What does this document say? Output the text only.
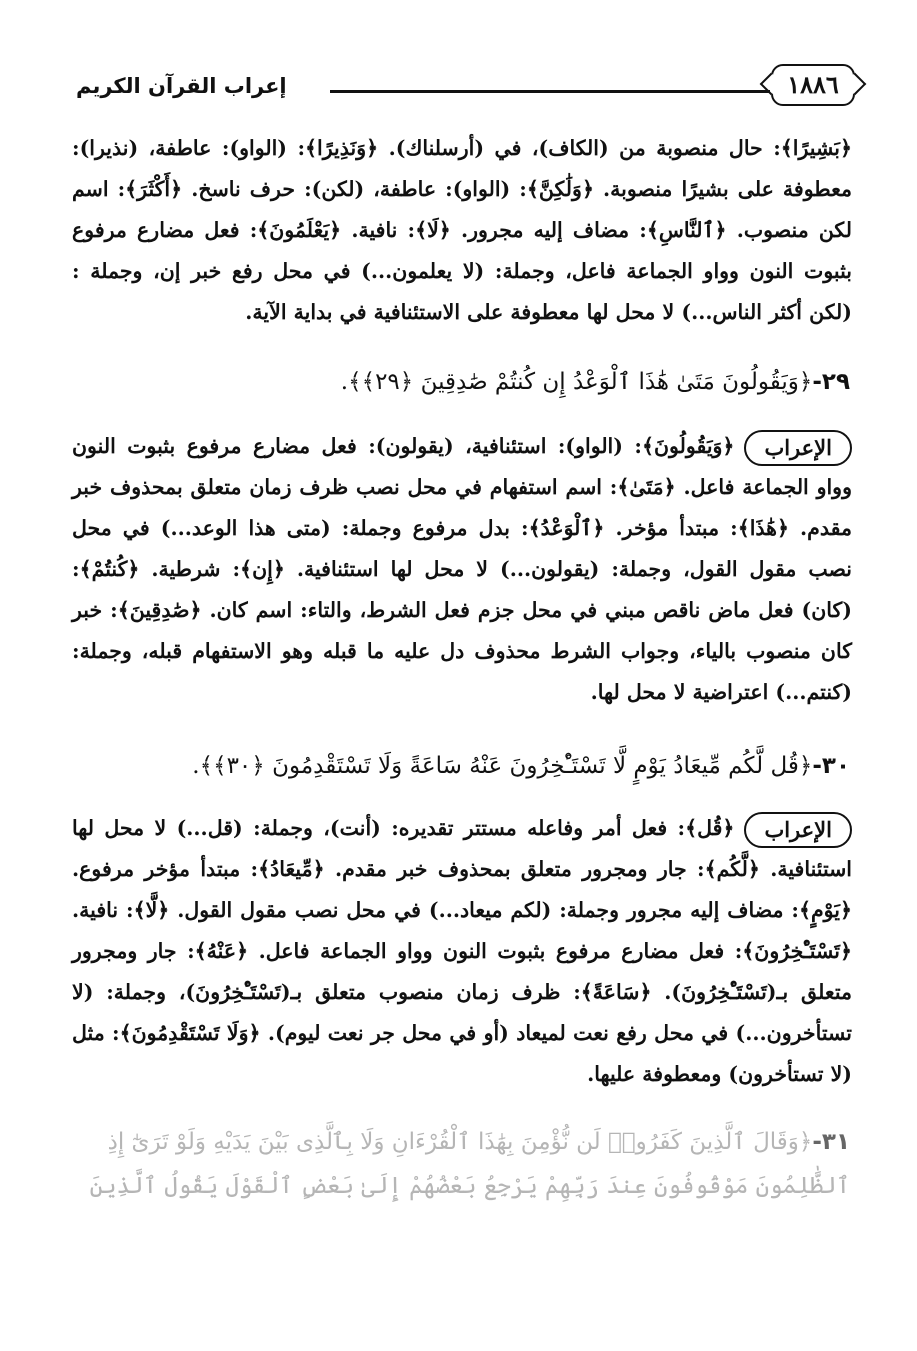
١٨٨٦
إعراب القرآن الكريم
﴿بَشِيرًا﴾: حال منصوبة من (الكاف)، في (أرسلناك). ﴿وَنَذِيرًا﴾: (الواو): عاطفة، (نذيرا): معطوفة على بشيرًا منصوبة. ﴿وَلَٰكِنَّ﴾: (الواو): عاطفة، (لكن): حرف ناسخ. ﴿أَكْثَرَ﴾: اسم لكن منصوب. ﴿ٱلنَّاسِ﴾: مضاف إليه مجرور. ﴿لَا﴾: نافية. ﴿يَعْلَمُونَ﴾: فعل مضارع مرفوع بثبوت النون وواو الجماعة فاعل، وجملة: (لا يعلمون...) في محل رفع خبر إن، وجملة : (لكن أكثر الناس...) لا محل لها معطوفة على الاستئنافية في بداية الآية.
٢٩-﴿وَيَقُولُونَ مَتَىٰ هَٰذَا ٱلْوَعْدُ إِن كُنتُمْ صَٰدِقِينَ ﴿٢٩﴾﴾.
الإعراب
﴿وَيَقُولُونَ﴾: (الواو): استئنافية، (يقولون): فعل مضارع مرفوع بثبوت النون وواو الجماعة فاعل. ﴿مَتَىٰ﴾: اسم استفهام في محل نصب ظرف زمان متعلق بمحذوف خبر مقدم. ﴿هَٰذَا﴾: مبتدأ مؤخر. ﴿ٱلْوَعْدُ﴾: بدل مرفوع وجملة: (متى هذا الوعد...) في محل نصب مقول القول، وجملة: (يقولون...) لا محل لها استئنافية. ﴿إِن﴾: شرطية. ﴿كُنتُمْ﴾: (كان) فعل ماض ناقص مبني في محل جزم فعل الشرط، والتاء: اسم كان. ﴿صَٰدِقِينَ﴾: خبر كان منصوب بالياء، وجواب الشرط محذوف دل عليه ما قبله وهو الاستفهام قبله، وجملة: (كنتم...) اعتراضية لا محل لها.
٣٠-﴿قُل لَّكُم مِّيعَادُ يَوْمٍ لَّا تَسْتَـْٔخِرُونَ عَنْهُ سَاعَةً وَلَا تَسْتَقْدِمُونَ ﴿٣٠﴾﴾.
الإعراب
﴿قُل﴾: فعل أمر وفاعله مستتر تقديره: (أنت)، وجملة: (قل...) لا محل لها استئنافية. ﴿لَّكُم﴾: جار ومجرور متعلق بمحذوف خبر مقدم. ﴿مِّيعَادُ﴾: مبتدأ مؤخر مرفوع. ﴿يَوْمٍ﴾: مضاف إليه مجرور وجملة: (لكم ميعاد...) في محل نصب مقول القول. ﴿لَّا﴾: نافية. ﴿تَسْتَـْٔخِرُونَ﴾: فعل مضارع مرفوع بثبوت النون وواو الجماعة فاعل. ﴿عَنْهُ﴾: جار ومجرور متعلق بـ(تَسْتَـْٔخِرُونَ). ﴿سَاعَةً﴾: ظرف زمان منصوب متعلق بـ(تَسْتَـْٔخِرُونَ)، وجملة: (لا تستأخرون...) في محل رفع نعت لميعاد (أو في محل جر نعت ليوم). ﴿وَلَا تَسْتَقْدِمُونَ﴾: مثل (لا تستأخرون) ومعطوفة عليها.
٣١-﴿وَقَالَ ٱلَّذِينَ كَفَرُوا۟ لَن نُّؤْمِنَ بِهَٰذَا ٱلْقُرْءَانِ وَلَا بِٱلَّذِى بَيْنَ يَدَيْهِ وَلَوْ تَرَىٰٓ إِذِ
ٱلظَّٰلِمُونَ مَوْقُوفُونَ عِندَ رَبِّهِمْ يَرْجِعُ بَعْضُهُمْ إِلَىٰ بَعْضٍ ٱلْقَوْلَ يَقُولُ ٱلَّذِينَ
